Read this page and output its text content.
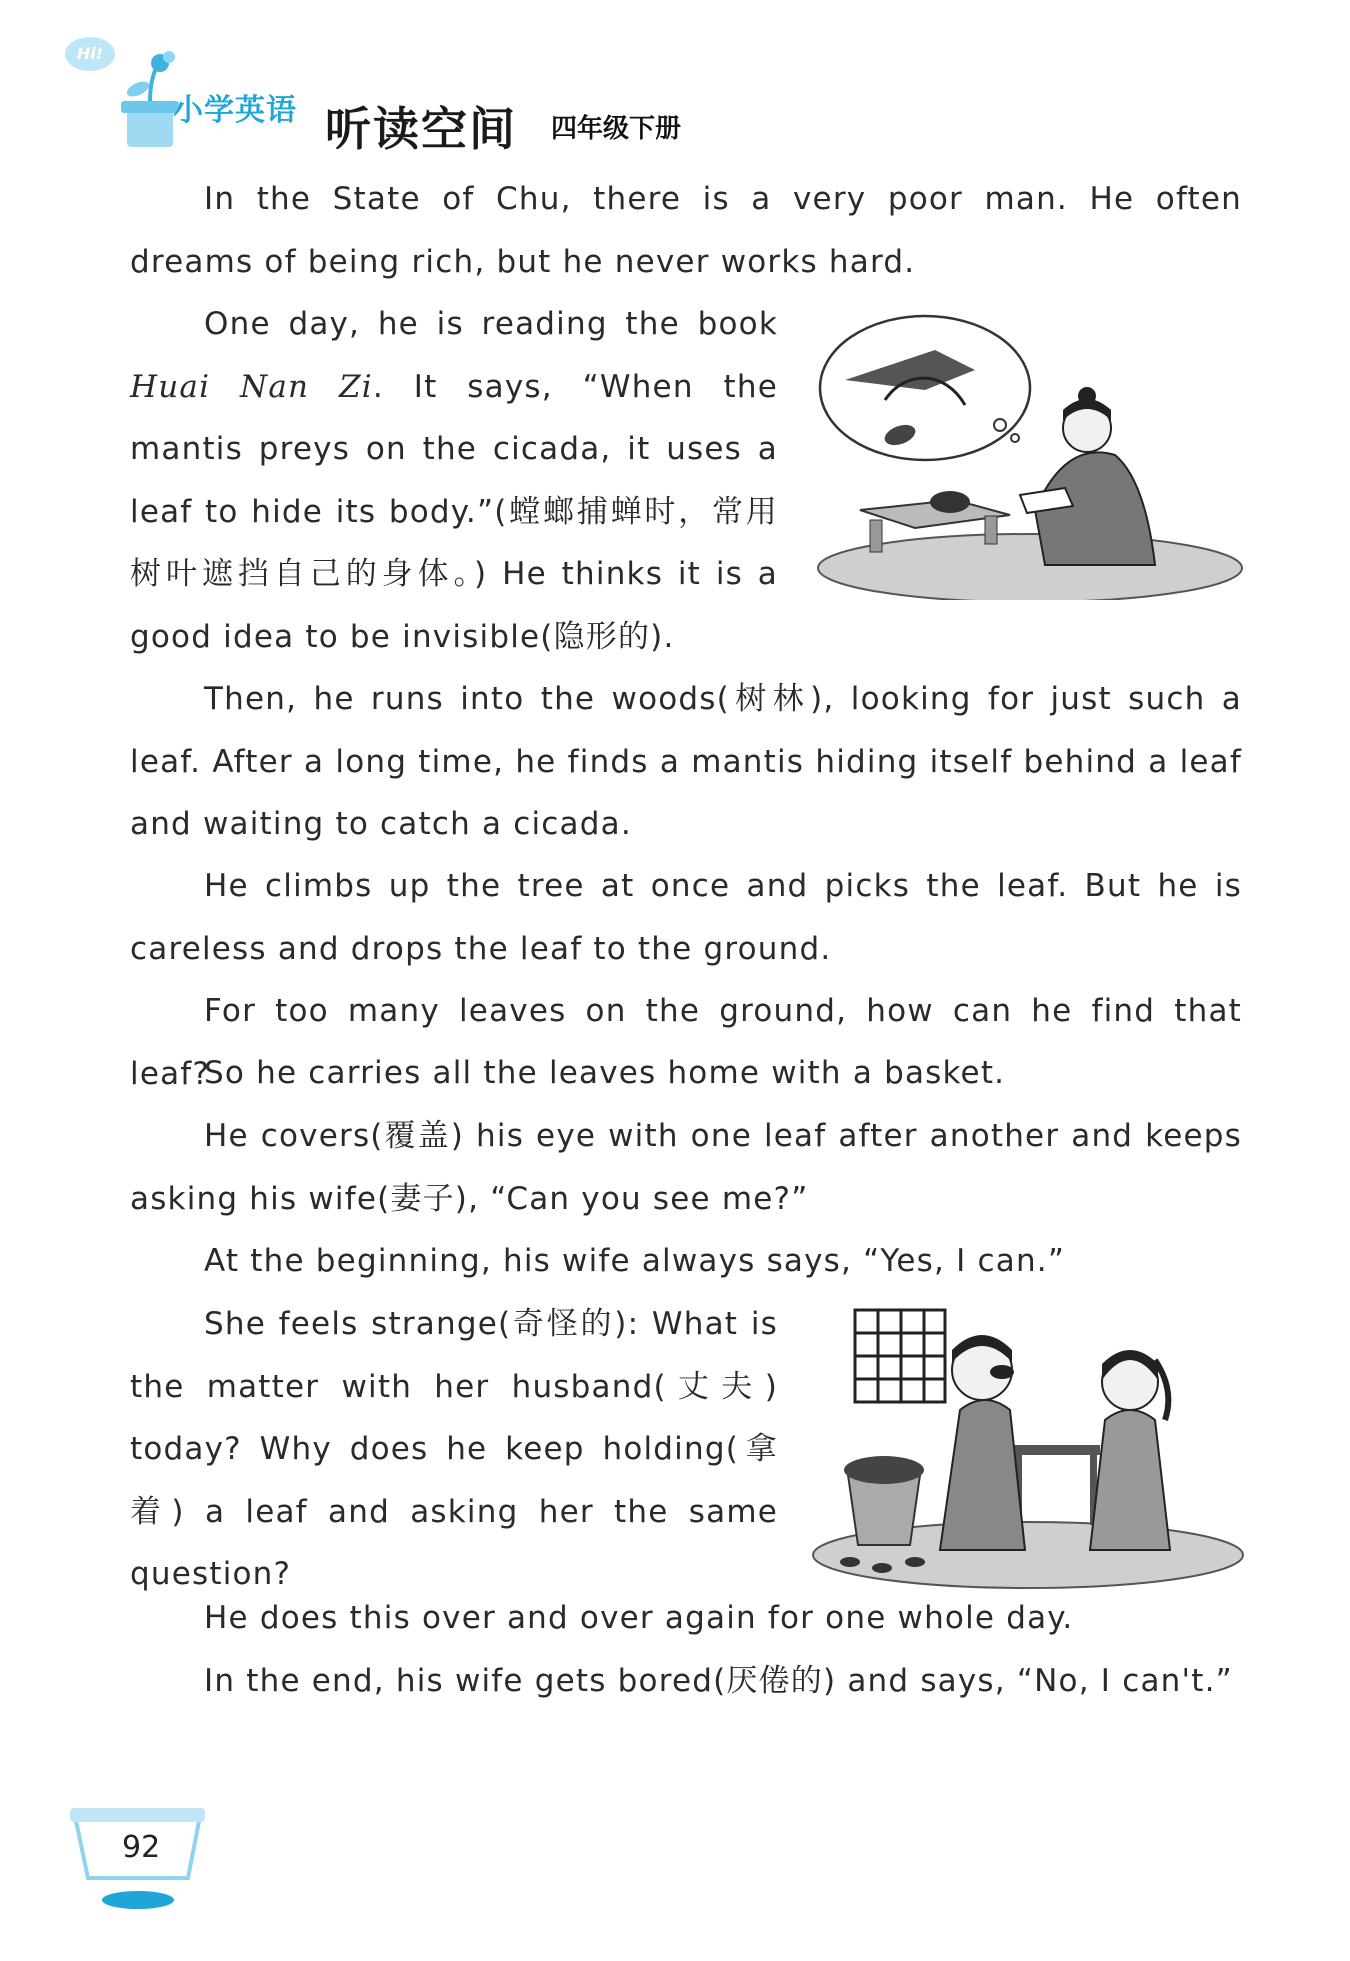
Hi!
小学英语 听读空间 四年级下册

In the State of Chu, there is a very poor man. He often dreams of being rich, but he never works hard.

One day, he is reading the book Huai Nan Zi. It says, “When the mantis preys on the cicada, it uses a leaf to hide its body.”(螳螂捕蝉时，常用树叶遮挡自己的身体。) He thinks it is a good idea to be invisible(隐形的).

Then, he runs into the woods(树林), looking for just such a leaf. After a long time, he finds a mantis hiding itself behind a leaf and waiting to catch a cicada.

He climbs up the tree at once and picks the leaf. But he is careless and drops the leaf to the ground.

For too many leaves on the ground, how can he find that leaf?

So he carries all the leaves home with a basket.

He covers(覆盖) his eye with one leaf after another and keeps asking his wife(妻子), “Can you see me?”

At the beginning, his wife always says, “Yes, I can.”

She feels strange(奇怪的): What is the matter with her husband(丈夫) today? Why does he keep holding(拿着) a leaf and asking her the same question?

He does this over and over again for one whole day.

In the end, his wife gets bored(厌倦的) and says, “No, I can't.”

92
